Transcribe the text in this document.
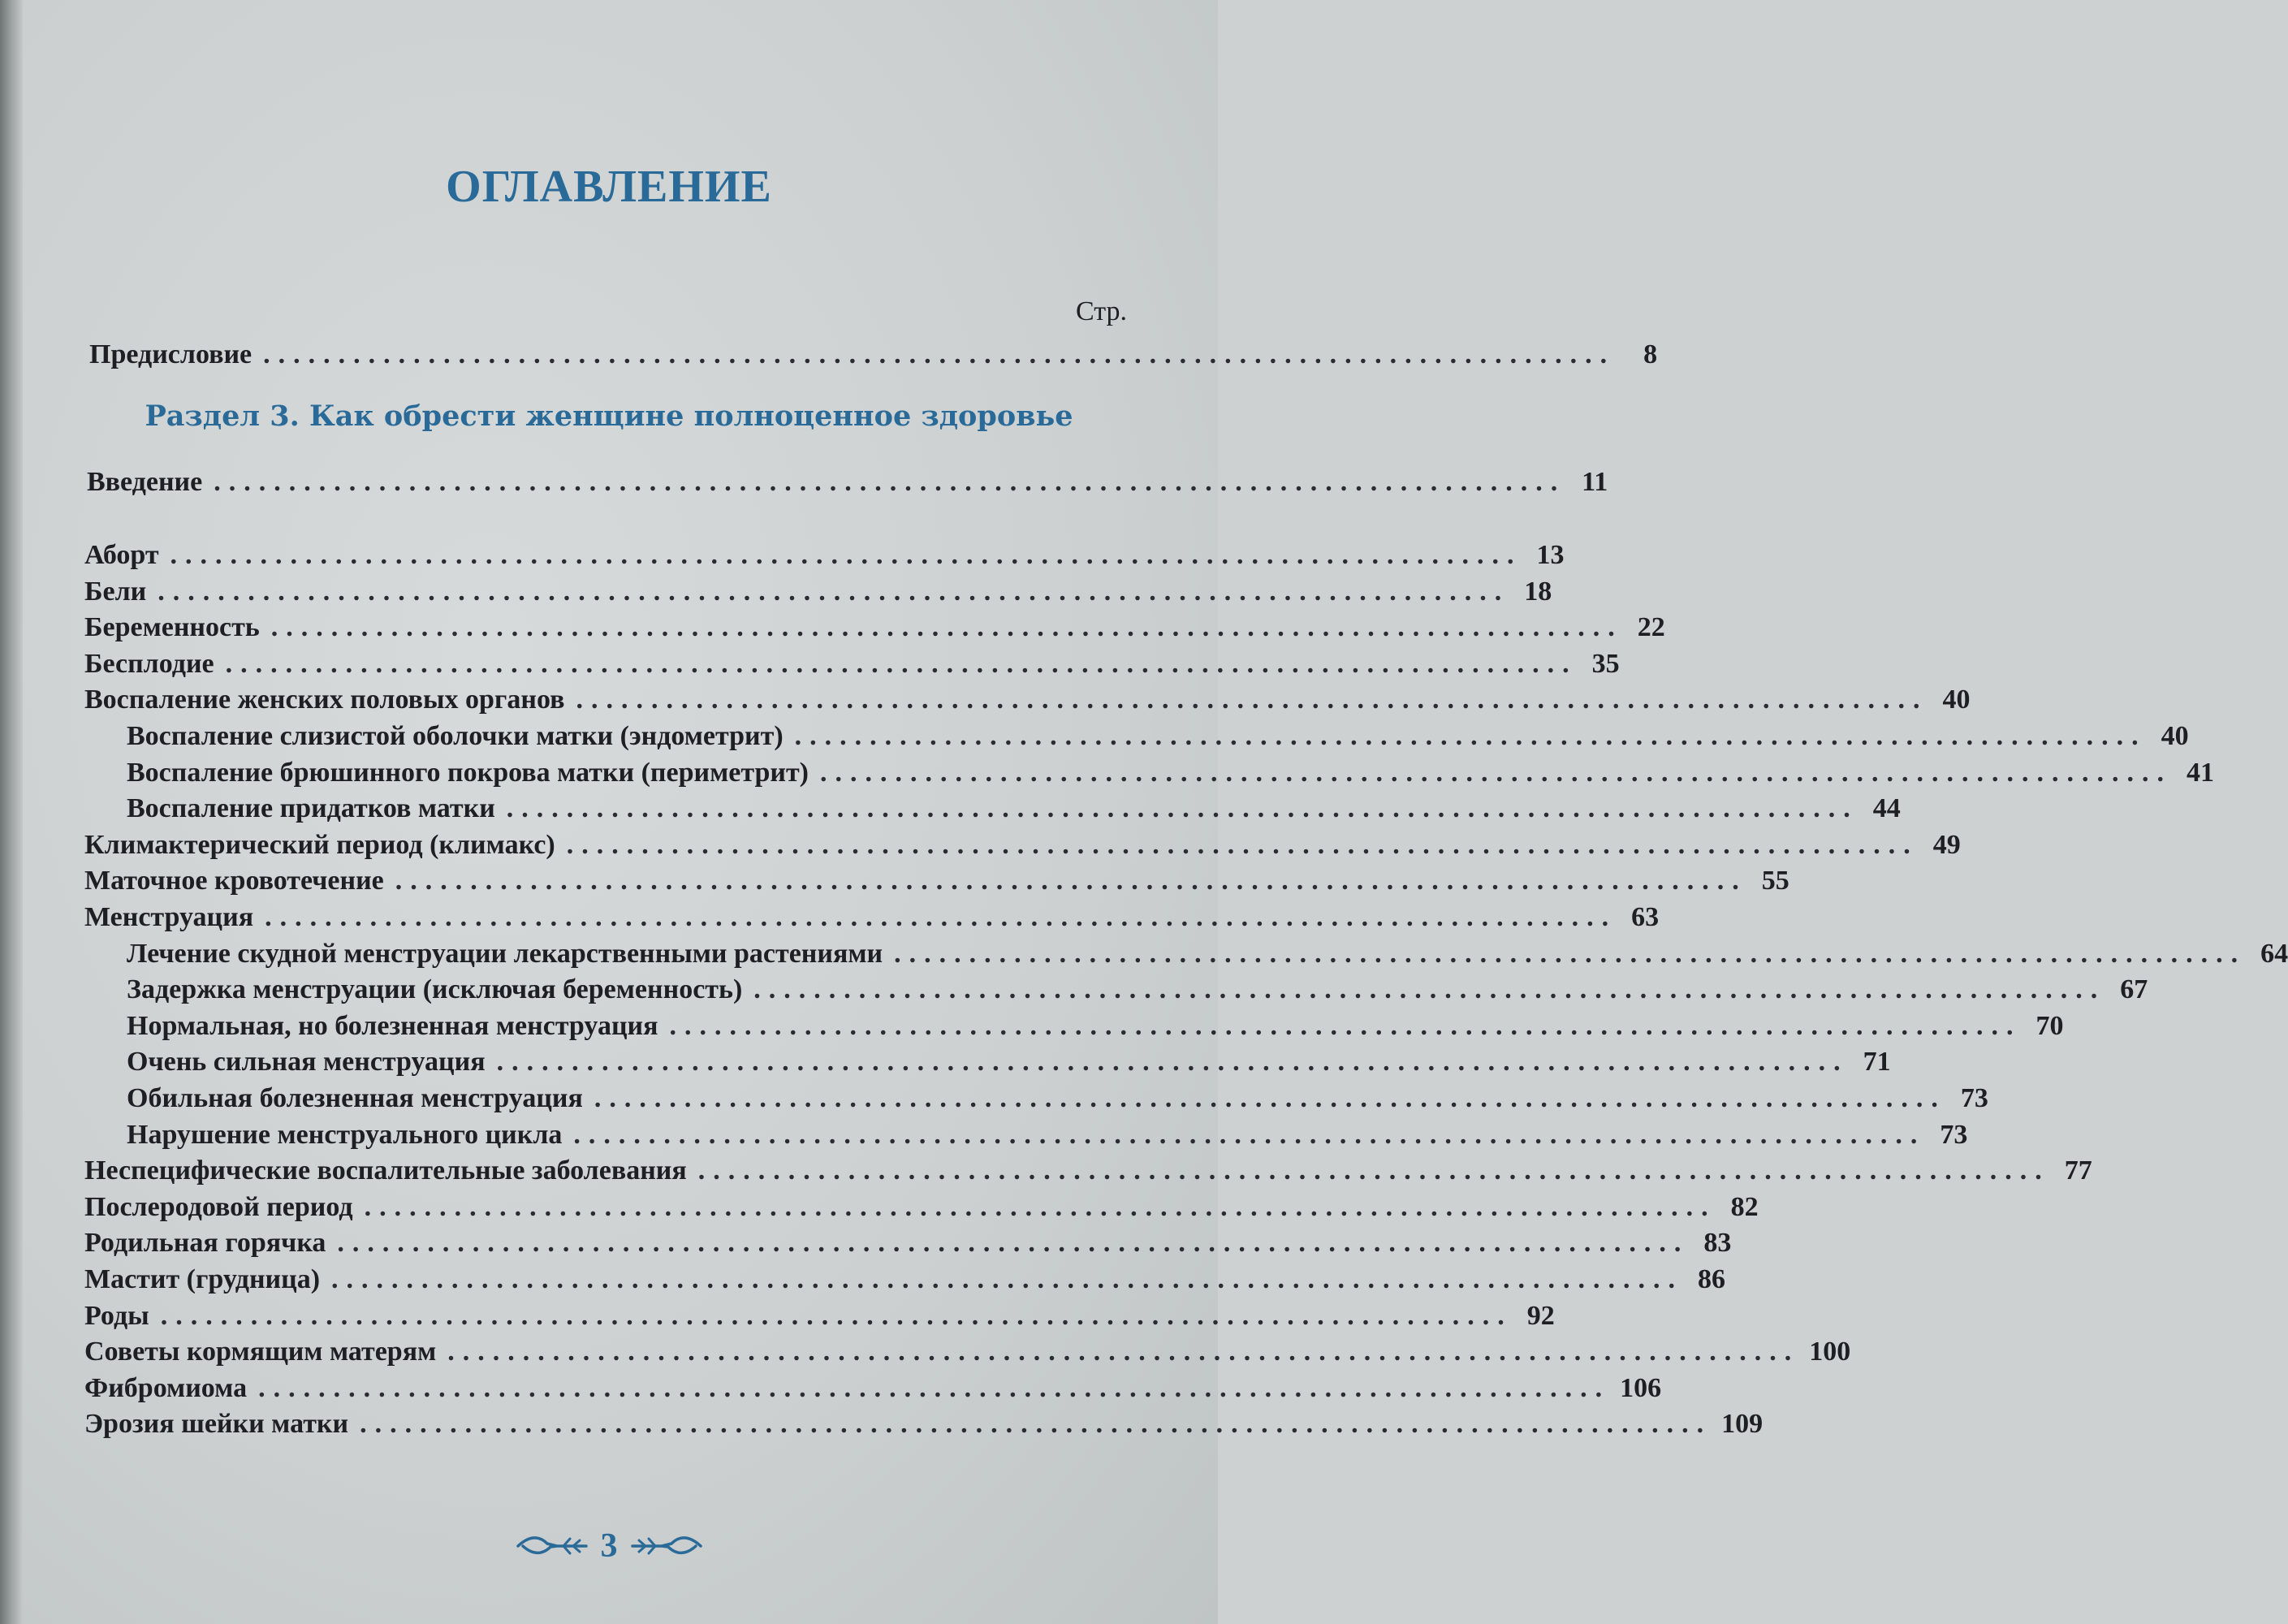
ОГЛАВЛЕНИЕ
Стр.
Предисловие ..........................................................................................	8
Раздел 3. Как обрести женщине полноценное здоровье
Введение .......................................................................................... 11
Аборт .......................................................................................... 13
Бели .......................................................................................... 18
Беременность .......................................................................................... 22
Бесплодие .......................................................................................... 35
Воспаление женских половых органов .......................................................................................... 40
Воспаление слизистой оболочки матки (эндометрит) .......................................................................................... 40
Воспаление брюшинного покрова матки (периметрит) .......................................................................................... 41
Воспаление придатков матки .......................................................................................... 44
Климактерический период (климакс) .......................................................................................... 49
Маточное кровотечение .......................................................................................... 55
Менструация .......................................................................................... 63
Лечение скудной менструации лекарственными растениями .......................................................................................... 64
Задержка менструации (исключая беременность) .......................................................................................... 67
Нормальная, но болезненная менструация .......................................................................................... 70
Очень сильная менструация .......................................................................................... 71
Обильная болезненная менструация .......................................................................................... 73
Нарушение менструального цикла .......................................................................................... 73
Неспецифические воспалительные заболевания .......................................................................................... 77
Послеродовой период .......................................................................................... 82
Родильная горячка .......................................................................................... 83
Мастит (грудница) .......................................................................................... 86
Роды .......................................................................................... 92
Советы кормящим матерям .......................................................................................... 100
Фибромиома .......................................................................................... 106
Эрозия шейки матки .......................................................................................... 109
3
